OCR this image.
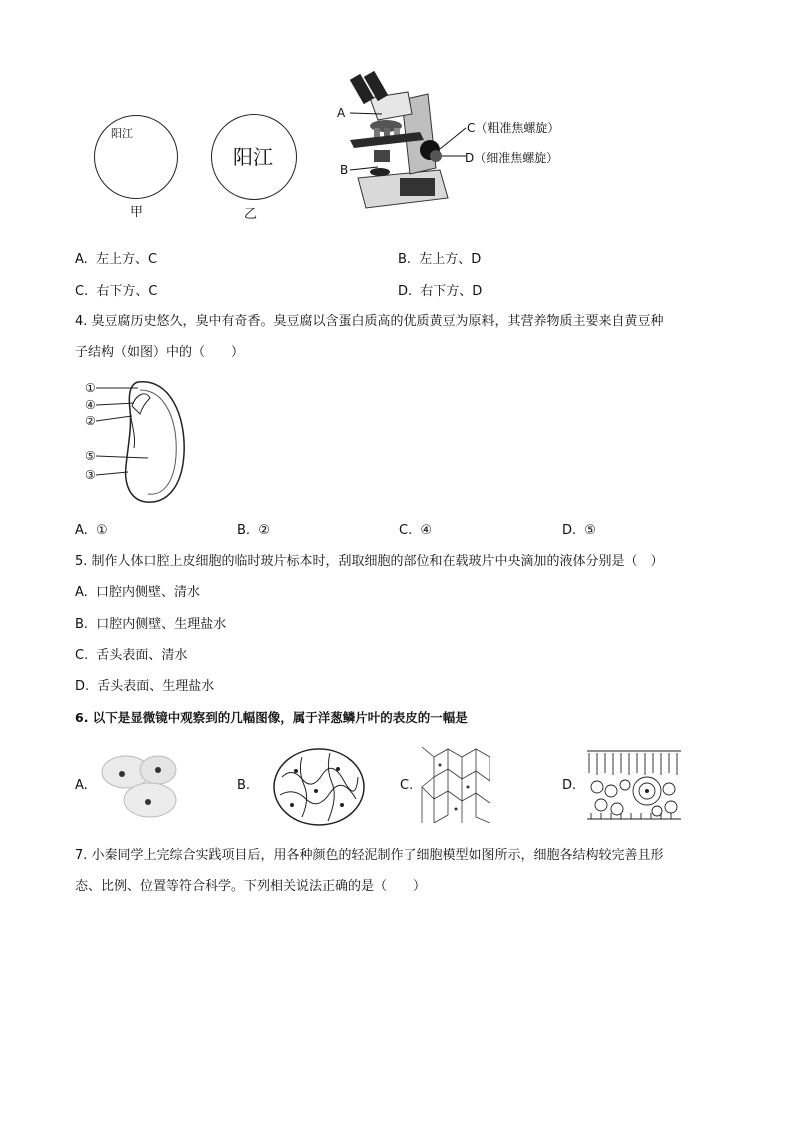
阳江
甲
阳江
乙
A
B
C（粗准焦螺旋）
D（细准焦螺旋）
A. 左上方、C	B. 左上方、D
C. 右下方、C	D. 右下方、D
4. 臭豆腐历史悠久，臭中有奇香。臭豆腐以含蛋白质高的优质黄豆为原料，其营养物质主要来自黄豆种
子结构（如图）中的（　　）
①
④
②
⑤
③
A. ①	B. ②	C. ④	D. ⑤
5. 制作人体口腔上皮细胞的临时玻片标本时，刮取细胞的部位和在载玻片中央滴加的液体分别是（　）
A. 口腔内侧壁、清水
B. 口腔内侧壁、生理盐水
C. 舌头表面、清水
D. 舌头表面、生理盐水
6. 以下是显微镜中观察到的几幅图像，属于洋葱鳞片叶的表皮的一幅是
A.	B.	C.	D.
7. 小秦同学上完综合实践项目后，用各种颜色的轻泥制作了细胞模型如图所示，细胞各结构较完善且形
态、比例、位置等符合科学。下列相关说法正确的是（　　）
